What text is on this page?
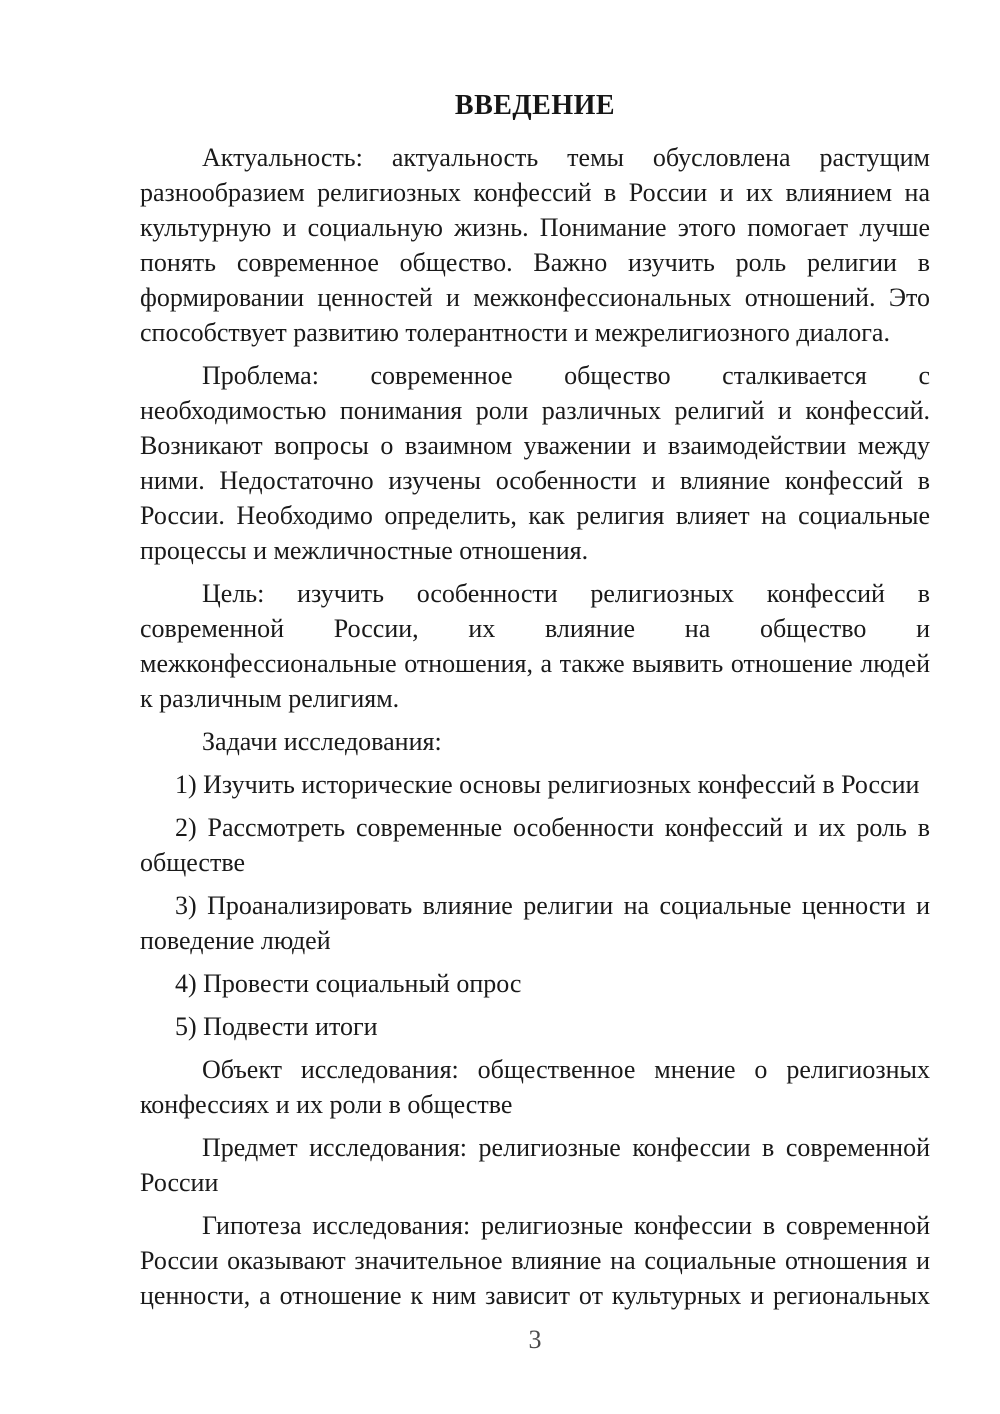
ВВЕДЕНИЕ

Актуальность: актуальность темы обусловлена растущим разнообразием религиозных конфессий в России и их влиянием на культурную и социальную жизнь. Понимание этого помогает лучше понять современное общество. Важно изучить роль религии в формировании ценностей и межконфессиональных отношений. Это способствует развитию толерантности и межрелигиозного диалога.

Проблема: современное общество сталкивается с необходимостью понимания роли различных религий и конфессий. Возникают вопросы о взаимном уважении и взаимодействии между ними. Недостаточно изучены особенности и влияние конфессий в России. Необходимо определить, как религия влияет на социальные процессы и межличностные отношения.

Цель: изучить особенности религиозных конфессий в современной России, их влияние на общество и межконфессиональные отношения, а также выявить отношение людей к различным религиям.

Задачи исследования:

1) Изучить исторические основы религиозных конфессий в России

2) Рассмотреть современные особенности конфессий и их роль в обществе

3) Проанализировать влияние религии на социальные ценности и поведение людей

4) Провести социальный опрос

5) Подвести итоги

Объект исследования: общественное мнение о религиозных конфессиях и их роли в обществе

Предмет исследования: религиозные конфессии в современной России

Гипотеза исследования: религиозные конфессии в современной России оказывают значительное влияние на социальные отношения и ценности, а отношение к ним зависит от культурных и региональных

3
